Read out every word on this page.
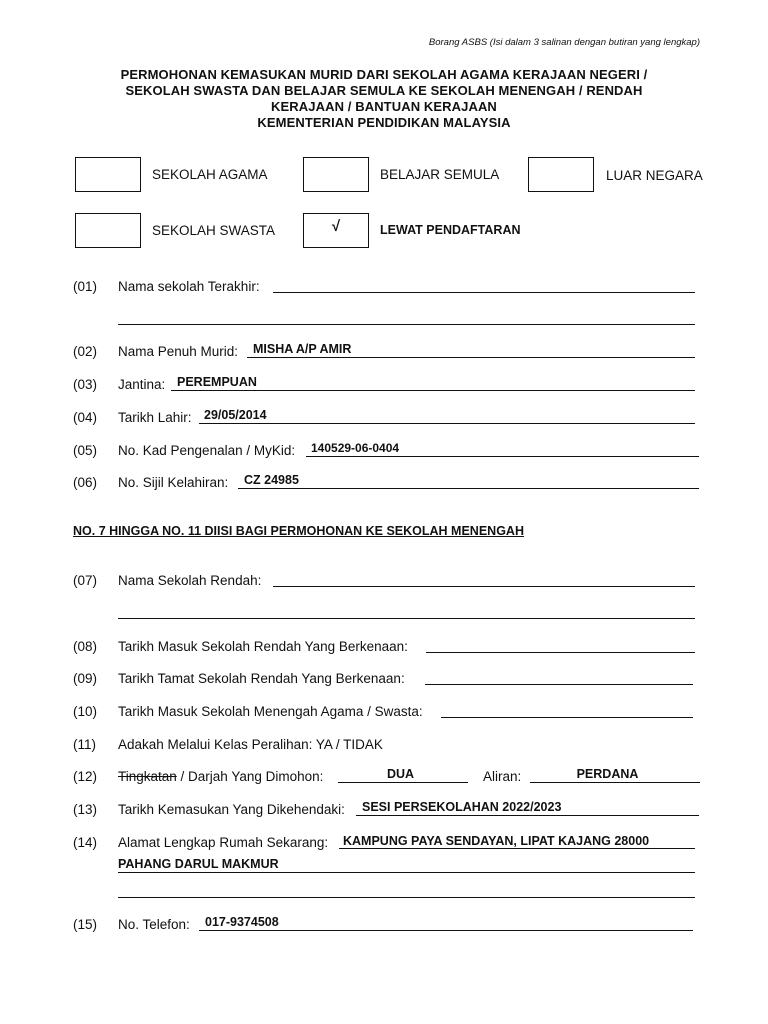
Borang ASBS (Isi dalam 3 salinan dengan butiran yang lengkap)
PERMOHONAN KEMASUKAN MURID DARI SEKOLAH AGAMA KERAJAAN NEGERI /
SEKOLAH SWASTA DAN BELAJAR SEMULA KE SEKOLAH MENENGAH / RENDAH
KERAJAAN / BANTUAN KERAJAAN
KEMENTERIAN PENDIDIKAN MALAYSIA
SEKOLAH AGAMA	BELAJAR SEMULA	LUAR NEGARA
SEKOLAH SWASTA	√	LEWAT PENDAFTARAN
(01) Nama sekolah Terakhir:
(02) Nama Penuh Murid: MISHA A/P AMIR
(03) Jantina: PEREMPUAN
(04) Tarikh Lahir: 29/05/2014
(05) No. Kad Pengenalan / MyKid: 140529-06-0404
(06) No. Sijil Kelahiran: CZ 24985
NO. 7 HINGGA NO. 11 DIISI BAGI PERMOHONAN KE SEKOLAH MENENGAH
(07) Nama Sekolah Rendah:
(08) Tarikh Masuk Sekolah Rendah Yang Berkenaan:
(09) Tarikh Tamat Sekolah Rendah Yang Berkenaan:
(10) Tarikh Masuk Sekolah Menengah Agama / Swasta:
(11) Adakah Melalui Kelas Peralihan: YA / TIDAK
(12) Tingkatan / Darjah Yang Dimohon:	DUA	Aliran:	PERDANA
(13) Tarikh Kemasukan Yang Dikehendaki: SESI PERSEKOLAHAN 2022/2023
(14) Alamat Lengkap Rumah Sekarang: KAMPUNG PAYA SENDAYAN, LIPAT KAJANG 28000
PAHANG DARUL MAKMUR
(15) No. Telefon: 017-9374508
